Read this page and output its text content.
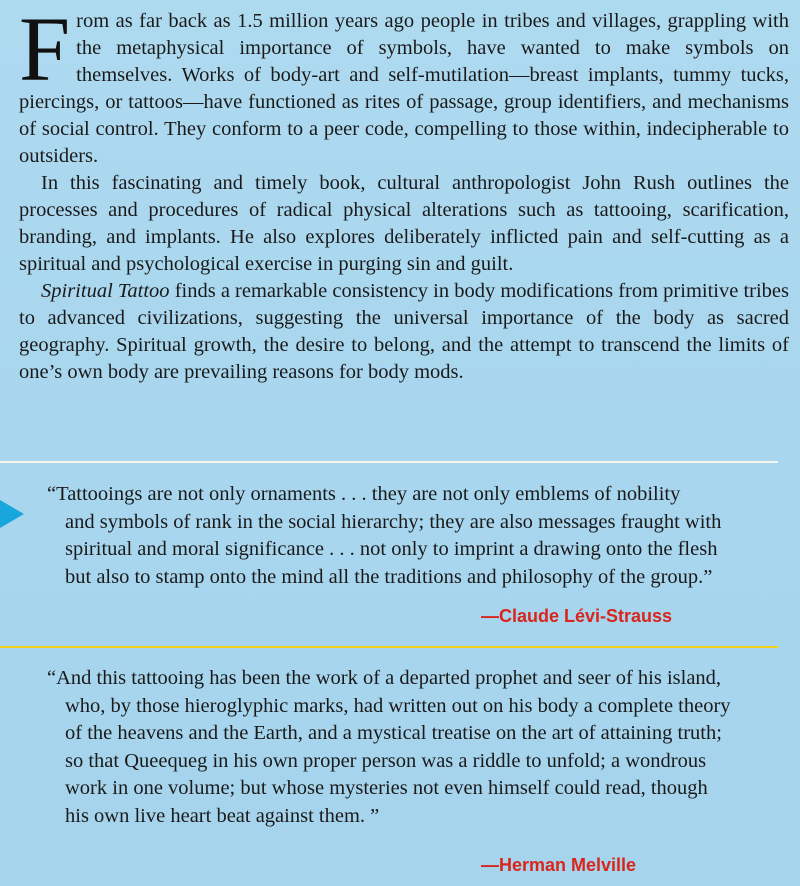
From as far back as 1.5 million years ago people in tribes and villages, grappling with the metaphysical importance of symbols, have wanted to make symbols on themselves. Works of body-art and self-mutilation—breast implants, tummy tucks, piercings, or tattoos—have functioned as rites of passage, group identifiers, and mechanisms of social control. They conform to a peer code, compelling to those within, indecipherable to outsiders.

In this fascinating and timely book, cultural anthropologist John Rush outlines the processes and procedures of radical physical alterations such as tattooing, scarification, branding, and implants. He also explores deliberately inflicted pain and self-cutting as a spiritual and psychological exercise in purging sin and guilt.

Spiritual Tattoo finds a remarkable consistency in body modifications from primitive tribes to advanced civilizations, suggesting the universal importance of the body as sacred geography. Spiritual growth, the desire to belong, and the attempt to transcend the limits of one’s own body are prevailing reasons for body mods.

“Tattooings are not only ornaments . . . they are not only emblems of nobility
and symbols of rank in the social hierarchy; they are also messages fraught with
spiritual and moral significance . . . not only to imprint a drawing onto the flesh
but also to stamp onto the mind all the traditions and philosophy of the group.”
—Claude Lévi-Strauss
“And this tattooing has been the work of a departed prophet and seer of his island,
who, by those hieroglyphic marks, had written out on his body a complete theory
of the heavens and the Earth, and a mystical treatise on the art of attaining truth;
so that Queequeg in his own proper person was a riddle to unfold; a wondrous
work in one volume; but whose mysteries not even himself could read, though
his own live heart beat against them. ”
—Herman Melville
